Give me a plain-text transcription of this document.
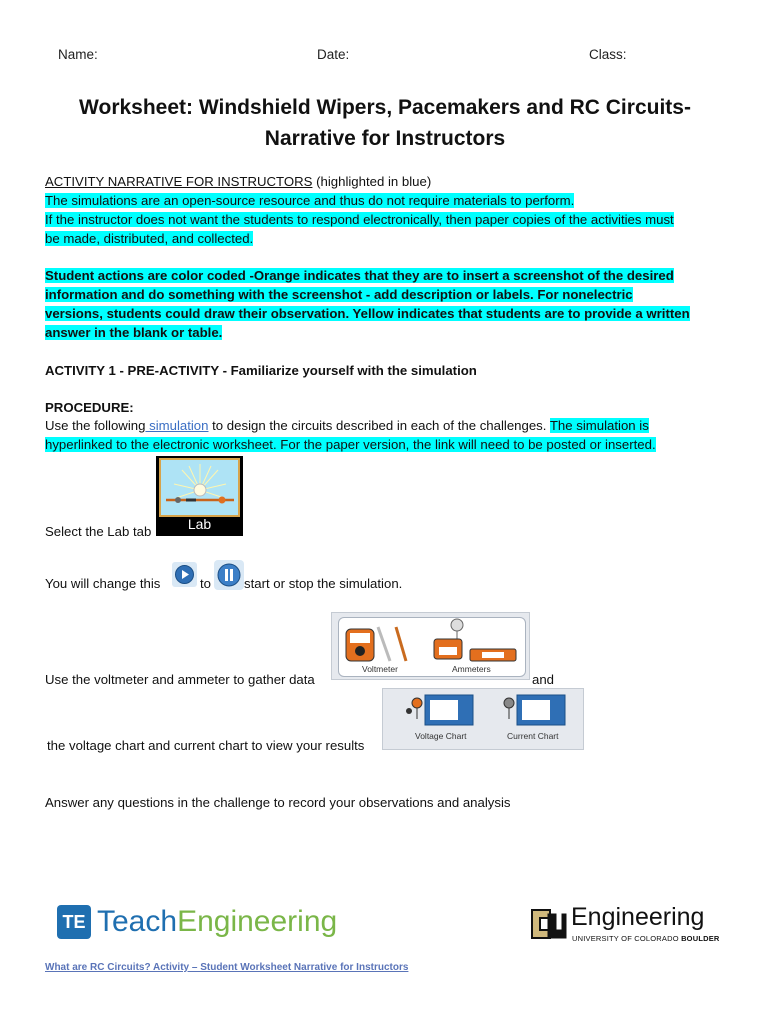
Name:	Date:	Class:
Worksheet: Windshield Wipers, Pacemakers and RC Circuits-
Narrative for Instructors
ACTIVITY NARRATIVE FOR INSTRUCTORS (highlighted in blue)
The simulations are an open-source resource and thus do not require materials to perform.
If the instructor does not want the students to respond electronically, then paper copies of the activities must
be made, distributed, and collected.
Student actions are color coded -Orange indicates that they are to insert a screenshot of the desired
information and do something with the screenshot - add description or labels. For nonelectric
versions, students could draw their observation. Yellow indicates that students are to provide a written
answer in the blank or table.
ACTIVITY 1 - PRE-ACTIVITY - Familiarize yourself with the simulation
PROCEDURE:
Use the following simulation to design the circuits described in each of the challenges. The simulation is
hyperlinked to the electronic worksheet. For the paper version, the link will need to be posted or inserted.
Select the Lab tab	Lab
You will change this	to	start or stop the simulation.
Use the voltmeter and ammeter to gather data
Voltmeter	Ammeters
and
the voltage chart and current chart to view your results
Voltage Chart	Current Chart
Answer any questions in the challenge to record your observations and analysis
TE TeachEngineering	Engineering
UNIVERSITY OF COLORADO BOULDER
What are RC Circuits? Activity – Student Worksheet Narrative for Instructors
